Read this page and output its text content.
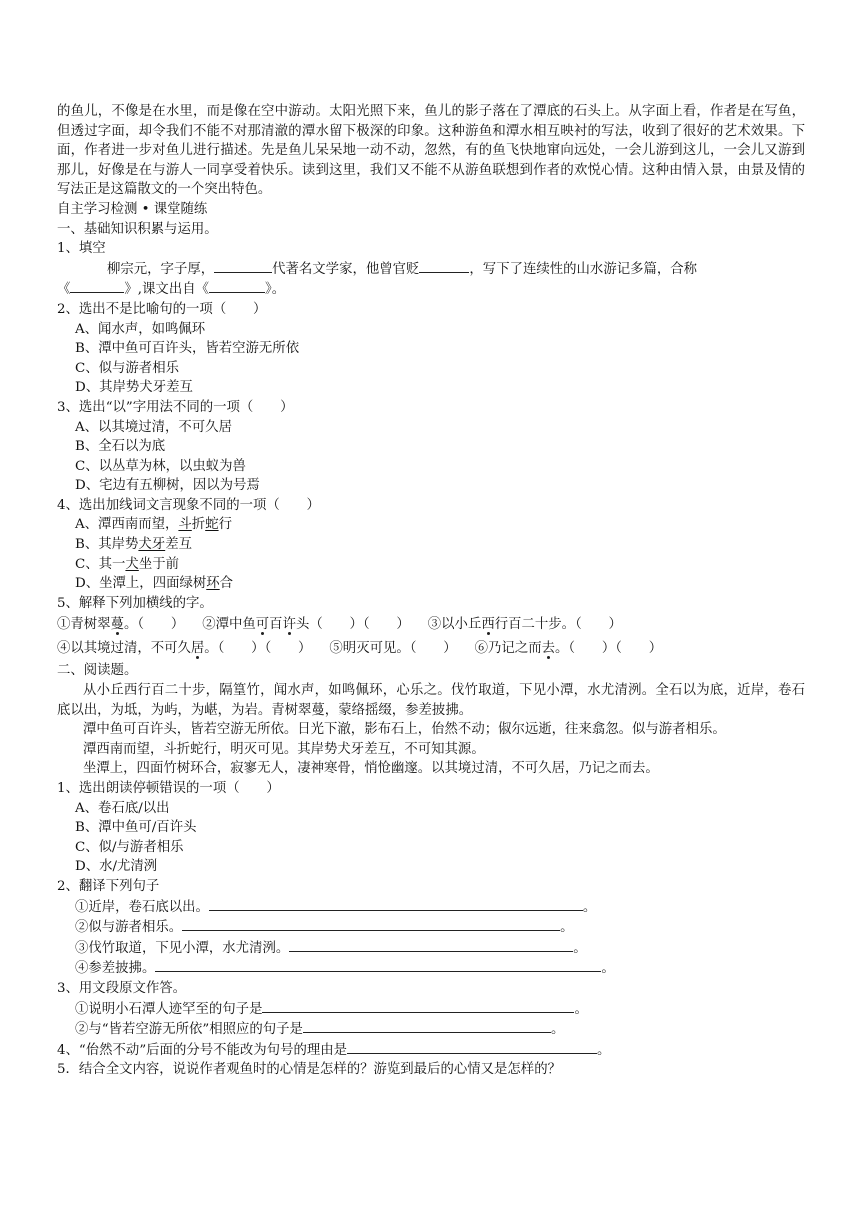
的鱼儿，不像是在水里，而是像在空中游动。太阳光照下来，鱼儿的影子落在了潭底的石头上。从字面上看，作者是在写鱼，但透过字面，却令我们不能不对那清澈的潭水留下极深的印象。这种游鱼和潭水相互映衬的写法，收到了很好的艺术效果。下面，作者进一步对鱼儿进行描述。先是鱼儿呆呆地一动不动，忽然，有的鱼飞快地窜向远处，一会儿游到这儿，一会儿又游到那儿，好像是在与游人一同享受着快乐。读到这里，我们又不能不从游鱼联想到作者的欢悦心情。这种由情入景，由景及情的写法正是这篇散文的一个突出特色。
自主学习检测 • 课堂随练
一、基础知识积累与运用。
1、填空
柳宗元，字子厚，	代著名文学家，他曾官贬	，写下了连续性的山水游记多篇，合称
《	》,课文出自《	》。
2、选出不是比喻句的一项（　　）
A、闻水声，如鸣佩环
B、潭中鱼可百许头，皆若空游无所依
C、似与游者相乐
D、其岸势犬牙差互
3、选出“以”字用法不同的一项（　　）
A、以其境过清，不可久居
B、全石以为底
C、以丛草为林，以虫蚁为兽
D、宅边有五柳树，因以为号焉
4、选出加线词文言现象不同的一项（　　）
A、潭西南而望，斗折蛇行
B、其岸势犬牙差互
C、其一犬坐于前
D、坐潭上，四面绿树环合
5、解释下列加横线的字。
①青树翠蔓。（　　） ②潭中鱼可百许头（　　）（　　） ③以小丘西行百二十步。（　　）
④以其境过清，不可久居。（　　）（　　） ⑤明灭可见。（　　） ⑥乃记之而去。（　　）（　　）
二、阅读题。
从小丘西行百二十步，隔篁竹，闻水声，如鸣佩环，心乐之。伐竹取道，下见小潭，水尤清洌。全石以为底，近岸，卷石底以出，为坻，为屿，为嵁，为岩。青树翠蔓，蒙络摇缀，参差披拂。
潭中鱼可百许头，皆若空游无所依。日光下澈，影布石上，佁然不动；俶尔远逝，往来翕忽。似与游者相乐。
潭西南而望，斗折蛇行，明灭可见。其岸势犬牙差互，不可知其源。
坐潭上，四面竹树环合，寂寥无人，凄神寒骨，悄怆幽邃。以其境过清，不可久居，乃记之而去。
1、选出朗读停顿错误的一项（　　）
A、卷石底/以出
B、潭中鱼可/百许头
C、似/与游者相乐
D、水/尤清洌
2、翻译下列句子
①近岸，卷石底以出。	。
②似与游者相乐。	。
③伐竹取道，下见小潭，水尤清洌。	。
④参差披拂。	。
3、用文段原文作答。
①说明小石潭人迹罕至的句子是	。
②与“皆若空游无所依”相照应的句子是	。
4、“佁然不动”后面的分号不能改为句号的理由是	。
5．结合全文内容，说说作者观鱼时的心情是怎样的？游览到最后的心情又是怎样的？
